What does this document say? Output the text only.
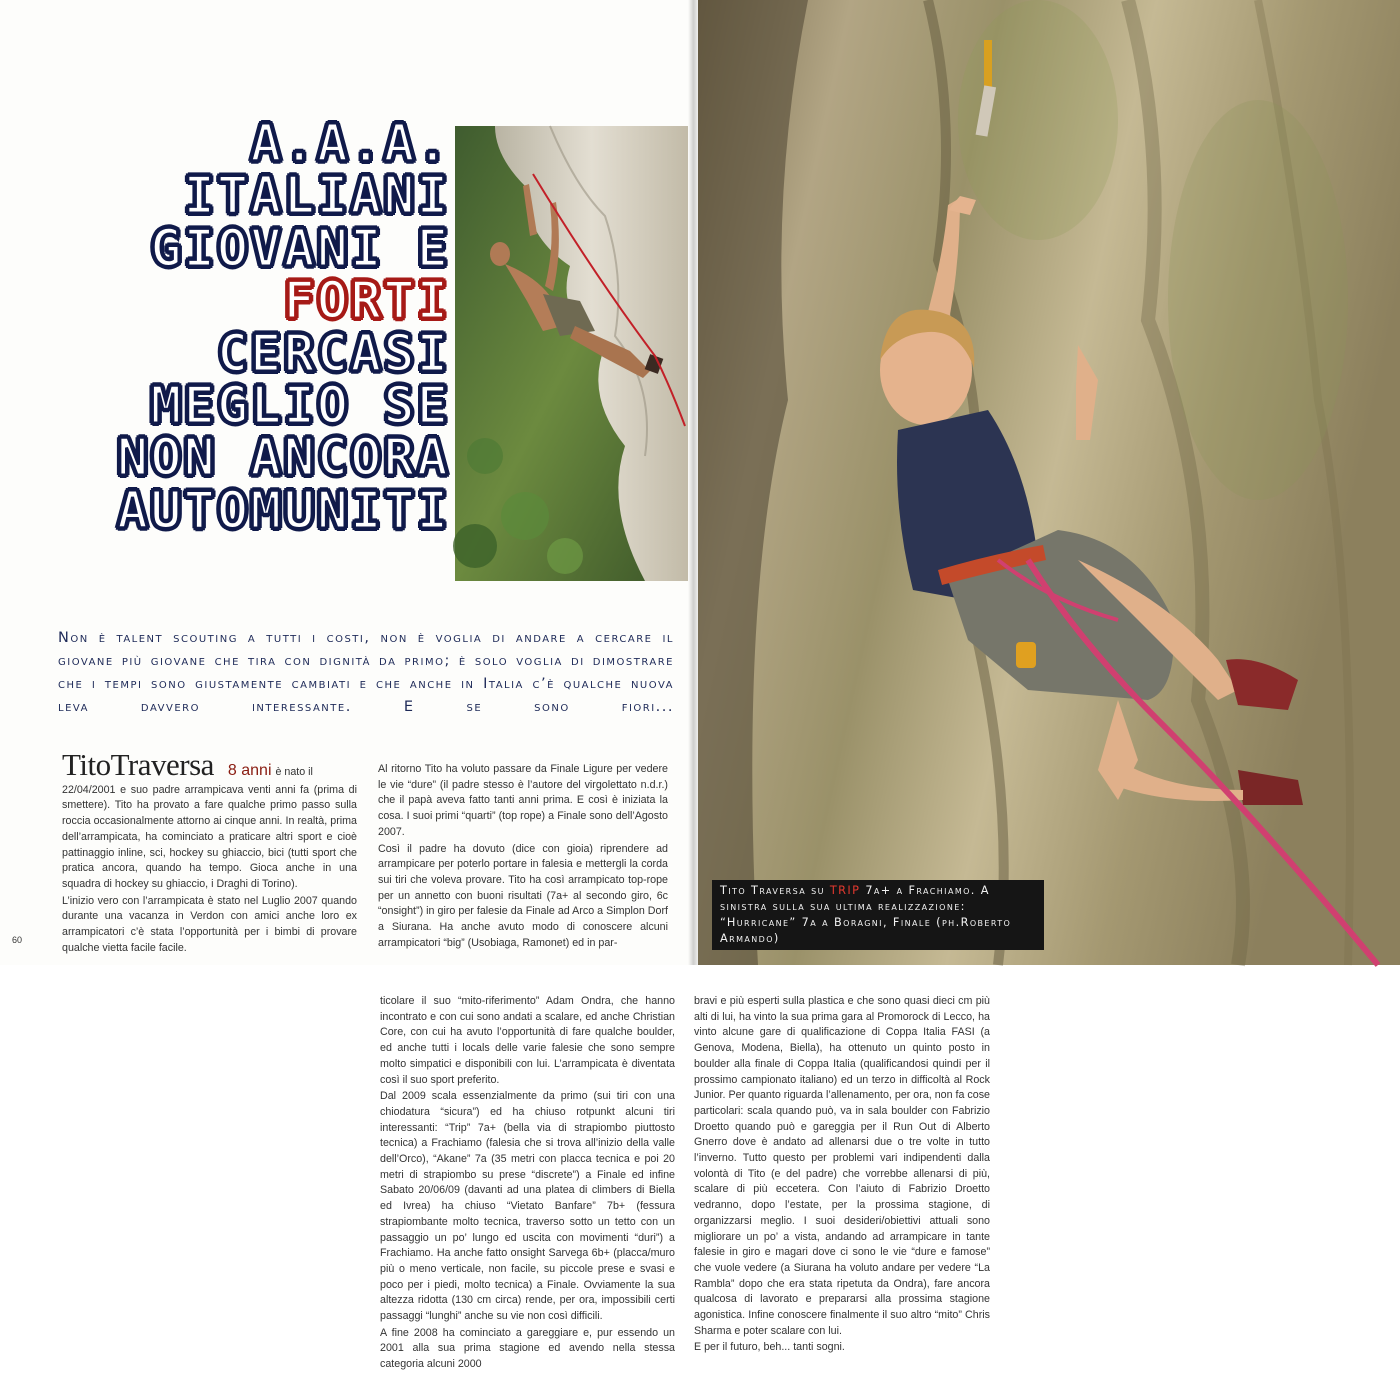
A.A.A.
ITALIANI
GIOVANI E
FORTI
CERCASI
MEGLIO SE
NON ANCORA
AUTOMUNITI
Non è talent scouting a tutti i costi, non è voglia di andare a cercare il giovane più giovane che tira con dignità da primo; è solo voglia di dimostrare che i tempi sono giustamente cambiati e che anche in Italia c’è qualche nuova leva davvero interessante. E se sono fiori...
TitoTraversa 8 anni è nato il

22/04/2001 e suo padre arrampicava venti anni fa (prima di smettere). Tito ha provato a fare qualche primo passo sulla roccia occasionalmente attorno ai cinque anni. In realtà, prima dell’arrampicata, ha cominciato a praticare altri sport e cioè pattinaggio inline, sci, hockey su ghiaccio, bici (tutti sport che pratica ancora, quando ha tempo. Gioca anche in una squadra di hockey su ghiaccio, i Draghi di Torino).

L’inizio vero con l’arrampicata è stato nel Luglio 2007 quando durante una vacanza in Verdon con amici anche loro ex arrampicatori c’è stata l’opportunità per i bimbi di provare qualche vietta facile facile.

Al ritorno Tito ha voluto passare da Finale Ligure per vedere le vie “dure” (il padre stesso è l’autore del virgolettato n.d.r.) che il papà aveva fatto tanti anni prima. E così è iniziata la cosa. I suoi primi “quarti” (top rope) a Finale sono dell’Agosto 2007.

Così il padre ha dovuto (dice con gioia) riprendere ad arrampicare per poterlo portare in falesia e mettergli la corda sui tiri che voleva provare. Tito ha così arrampicato top-rope per un annetto con buoni risultati (7a+ al secondo giro, 6c “onsight”) in giro per falesie da Finale ad Arco a Simplon Dorf a Siurana. Ha anche avuto modo di conoscere alcuni arrampicatori “big” (Usobiaga, Ramonet) ed in par-

60
Tito Traversa su TRIP 7a+ a Frachiamo. A sinistra sulla sua ultima realizzazione: “Hurricane” 7a a Boragni, Finale (ph.Roberto Armando)

ticolare il suo “mito-riferimento” Adam Ondra, che hanno incontrato e con cui sono andati a scalare, ed anche Christian Core, con cui ha avuto l’opportunità di fare qualche boulder, ed anche tutti i locals delle varie falesie che sono sempre molto simpatici e disponibili con lui. L’arrampicata è diventata così il suo sport preferito.

Dal 2009 scala essenzialmente da primo (sui tiri con una chiodatura “sicura”) ed ha chiuso rotpunkt alcuni tiri interessanti: “Trip” 7a+ (bella via di strapiombo piuttosto tecnica) a Frachiamo (falesia che si trova all’inizio della valle dell’Orco), “Akane” 7a (35 metri con placca tecnica e poi 20 metri di strapiombo su prese “discrete”) a Finale ed infine Sabato 20/06/09 (davanti ad una platea di climbers di Biella ed Ivrea) ha chiuso “Vietato Banfare” 7b+ (fessura strapiombante molto tecnica, traverso sotto un tetto con un passaggio un po’ lungo ed uscita con movimenti “duri”) a Frachiamo. Ha anche fatto onsight Sarvega 6b+ (placca/muro più o meno verticale, non facile, su piccole prese e svasi e poco per i piedi, molto tecnica) a Finale. Ovviamente la sua altezza ridotta (130 cm circa) rende, per ora, impossibili certi passaggi “lunghi” anche su vie non così difficili.

A fine 2008 ha cominciato a gareggiare e, pur essendo un 2001 alla sua prima stagione ed avendo nella stessa categoria alcuni 2000

bravi e più esperti sulla plastica e che sono quasi dieci cm più alti di lui, ha vinto la sua prima gara al Promorock di Lecco, ha vinto alcune gare di qualificazione di Coppa Italia FASI (a Genova, Modena, Biella), ha ottenuto un quinto posto in boulder alla finale di Coppa Italia (qualificandosi quindi per il prossimo campionato italiano) ed un terzo in difficoltà al Rock Junior. Per quanto riguarda l’allenamento, per ora, non fa cose particolari: scala quando può, va in sala boulder con Fabrizio Droetto quando può e gareggia per il Run Out di Alberto Gnerro dove è andato ad allenarsi due o tre volte in tutto l’inverno. Tutto questo per problemi vari indipendenti dalla volontà di Tito (e del padre) che vorrebbe allenarsi di più, scalare di più eccetera. Con l’aiuto di Fabrizio Droetto vedranno, dopo l’estate, per la prossima stagione, di organizzarsi meglio. I suoi desideri/obiettivi attuali sono migliorare un po’ a vista, andando ad arrampicare in tante falesie in giro e magari dove ci sono le vie “dure e famose” che vuole vedere (a Siurana ha voluto andare per vedere “La Rambla” dopo che era stata ripetuta da Ondra), fare ancora qualcosa di lavorato e prepararsi alla prossima stagione agonistica. Infine conoscere finalmente il suo altro “mito” Chris Sharma e poter scalare con lui.

E per il futuro, beh... tanti sogni.
